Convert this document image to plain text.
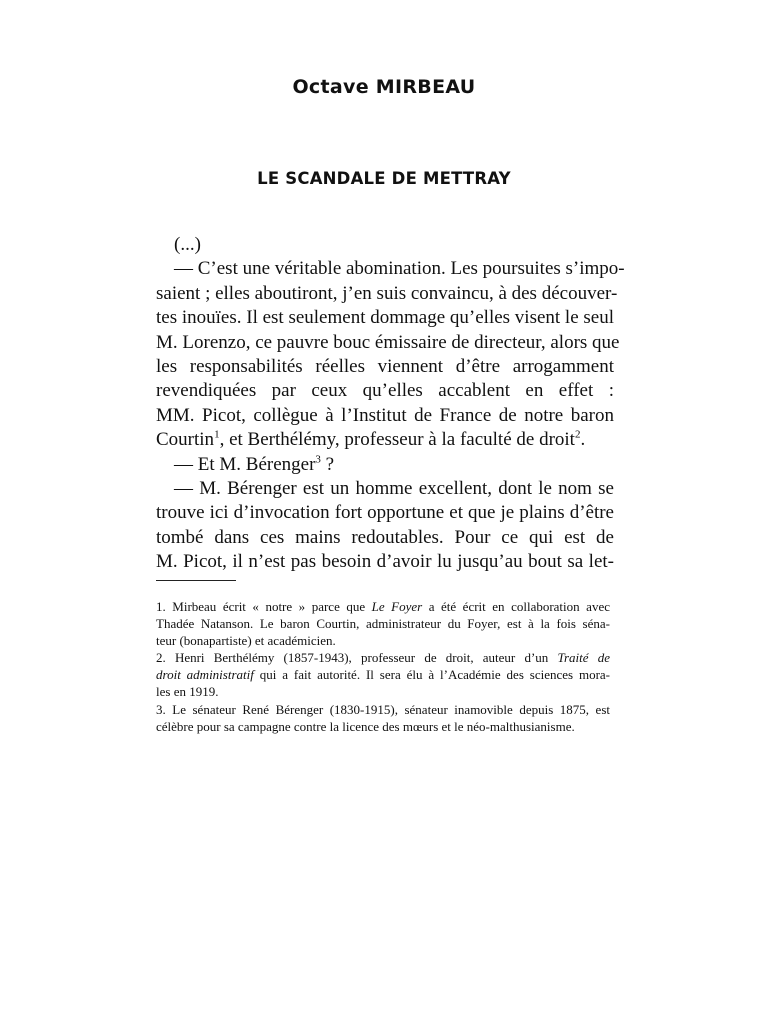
Octave MIRBEAU
LE SCANDALE DE METTRAY
(...)
— C’est une véritable abomination. Les poursuites s’impo-
saient ; elles aboutiront, j’en suis convaincu, à des découver-
tes inouïes. Il est seulement dommage qu’elles visent le seul
M. Lorenzo, ce pauvre bouc émissaire de directeur, alors que
les responsabilités réelles viennent d’être arrogamment
revendiquées par ceux qu’elles accablent en effet :
MM. Picot, collègue à l’Institut de France de notre baron
Courtin$^1$, et Berthélémy, professeur à la faculté de droit$^2$.
— Et M. Bérenger$^3$ ?
— M. Bérenger est un homme excellent, dont le nom se
trouve ici d’invocation fort opportune et que je plains d’être
tombé dans ces mains redoutables. Pour ce qui est de
M. Picot, il n’est pas besoin d’avoir lu jusqu’au bout sa let-
1. Mirbeau écrit « notre » parce que Le Foyer a été écrit en collaboration avec
Thadée Natanson. Le baron Courtin, administrateur du Foyer, est à la fois séna-
teur (bonapartiste) et académicien.
2. Henri Berthélémy (1857-1943), professeur de droit, auteur d’un Traité de
droit administratif qui a fait autorité. Il sera élu à l’Académie des sciences mora-
les en 1919.
3. Le sénateur René Bérenger (1830-1915), sénateur inamovible depuis 1875, est
célèbre pour sa campagne contre la licence des mœurs et le néo-malthusianisme.
